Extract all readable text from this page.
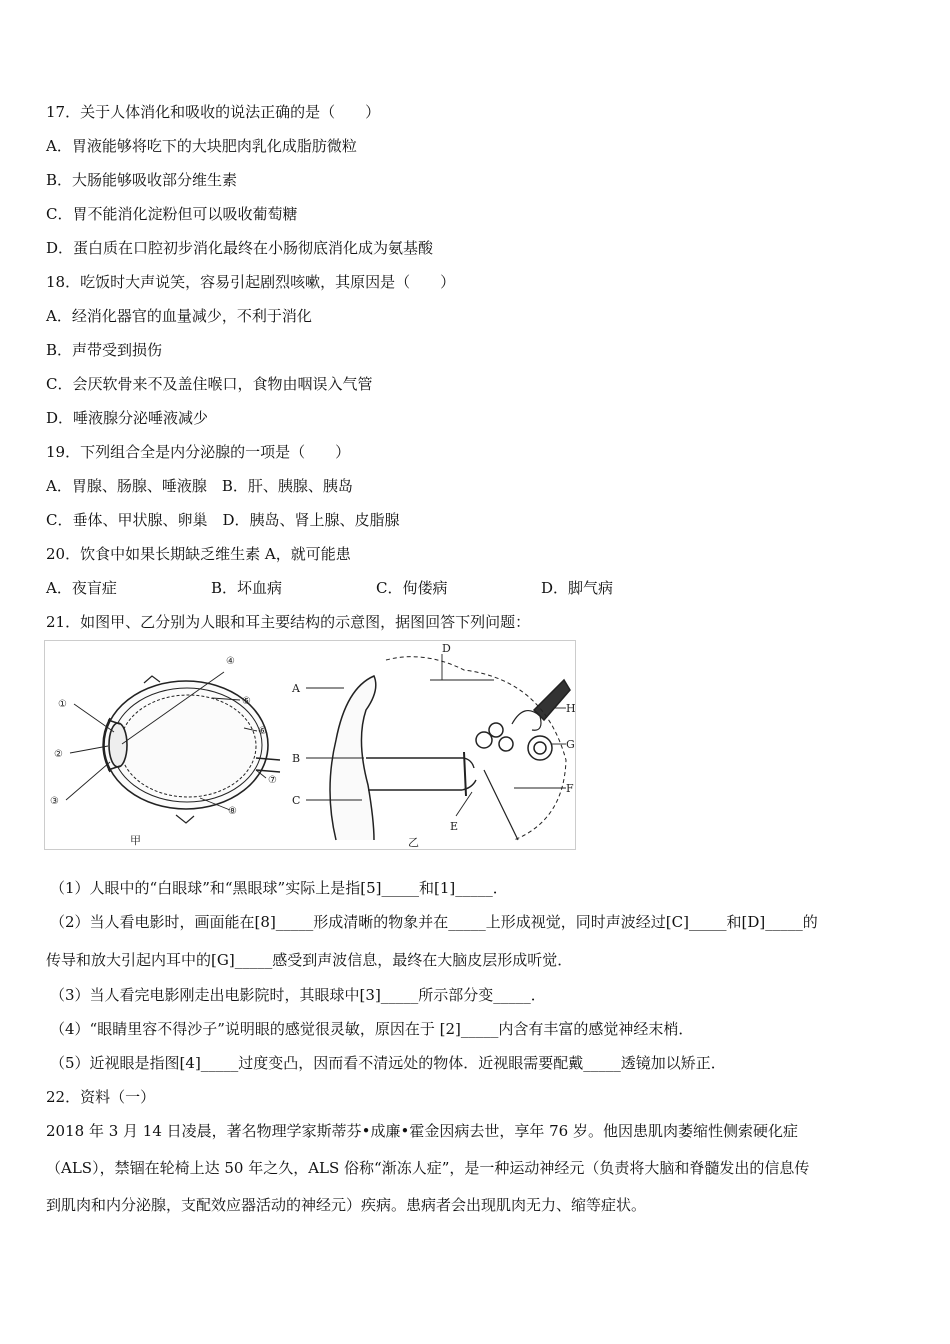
17．关于人体消化和吸收的说法正确的是（　　）
A．胃液能够将吃下的大块肥肉乳化成脂肪微粒
B．大肠能够吸收部分维生素
C．胃不能消化淀粉但可以吸收葡萄糖
D．蛋白质在口腔初步消化最终在小肠彻底消化成为氨基酸
18．吃饭时大声说笑，容易引起剧烈咳嗽，其原因是（　　）
A．经消化器官的血量减少，不利于消化
B．声带受到损伤
C．会厌软骨来不及盖住喉口，食物由咽误入气管
D．唾液腺分泌唾液减少
19．下列组合全是内分泌腺的一项是（　　）
A．胃腺、肠腺、唾液腺　B．肝、胰腺、胰岛
C．垂体、甲状腺、卵巢　D．胰岛、肾上腺、皮脂腺
20．饮食中如果长期缺乏维生素 A，就可能患
A．夜盲症	B．坏血病	C．佝偻病	D．脚气病
21．如图甲、乙分别为人眼和耳主要结构的示意图，据图回答下列问题：
①
②
③
④
⑤
⑥
⑦
⑧
甲
A
B
C
D
E
F
G
H
乙
（1）人眼中的“白眼球”和“黑眼球”实际上是指[5]_____和[1]_____．
（2）当人看电影时，画面能在[8]_____形成清晰的物象并在_____上形成视觉，同时声波经过[C]_____和[D]_____的
传导和放大引起内耳中的[G]_____感受到声波信息，最终在大脑皮层形成听觉．
（3）当人看完电影刚走出电影院时，其眼球中[3]_____所示部分变_____．
（4）“眼睛里容不得沙子”说明眼的感觉很灵敏，原因在于 [2]_____内含有丰富的感觉神经末梢．
（5）近视眼是指图[4]_____过度变凸，因而看不清远处的物体．近视眼需要配戴_____透镜加以矫正．
22．资料（一）
2018 年 3 月 14 日凌晨，著名物理学家斯蒂芬•成廉•霍金因病去世，享年 76 岁。他因患肌肉萎缩性侧索硬化症
（ALS），禁锢在轮椅上达 50 年之久，ALS 俗称“渐冻人症”，是一种运动神经元（负责将大脑和脊髓发出的信息传
到肌肉和内分泌腺，支配效应器活动的神经元）疾病。患病者会出现肌肉无力、缩等症状。
